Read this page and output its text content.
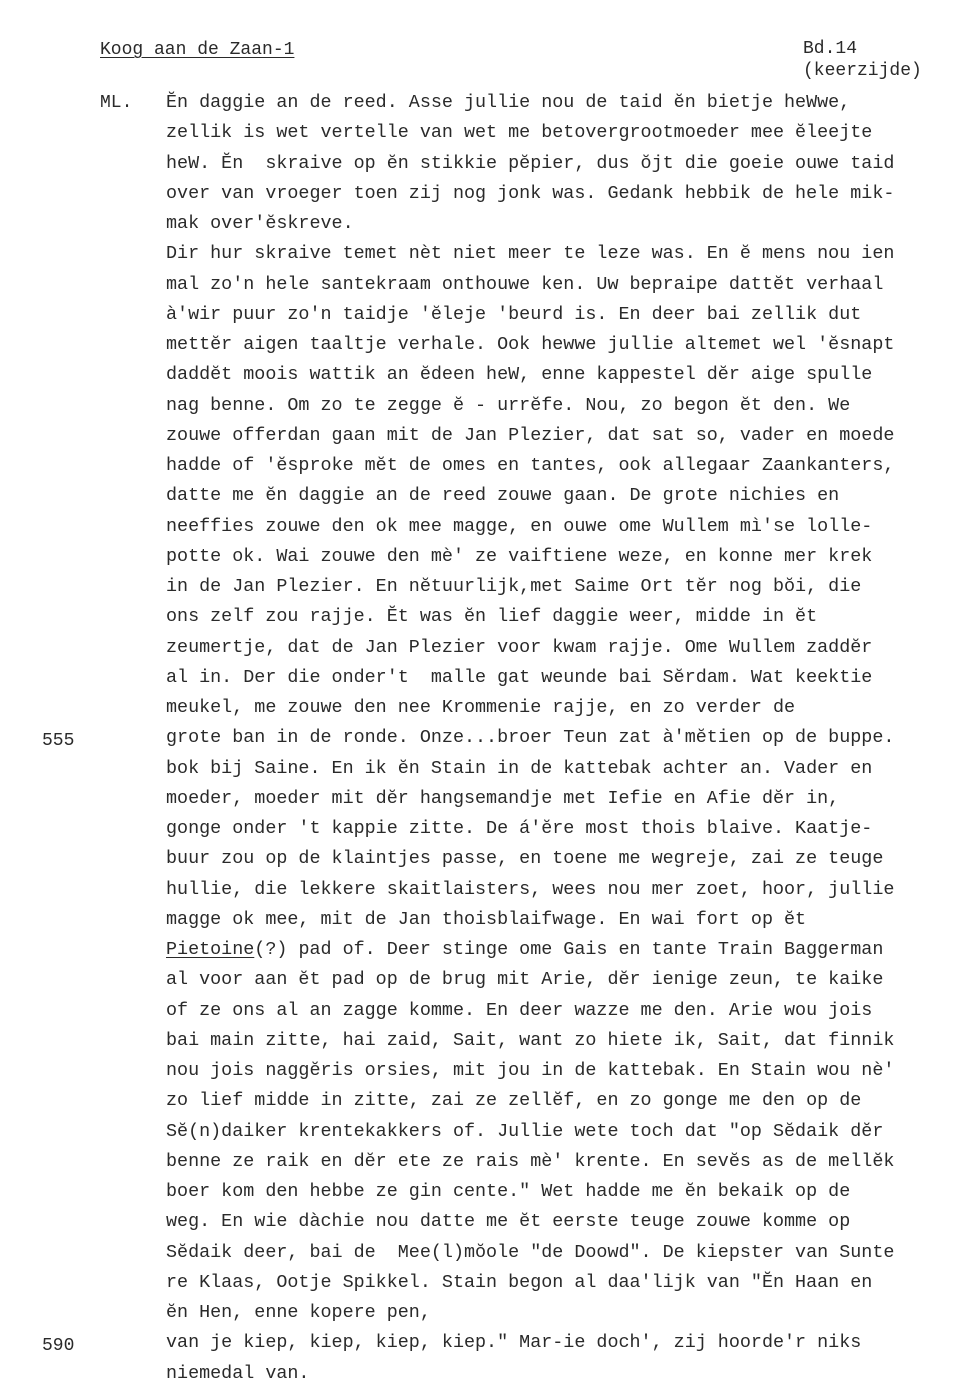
Koog aan de Zaan-1	Bd.14
(keerzijde)
ML.
555
590
Ĕn daggie an de reed. Asse jullie nou de taid ĕn bietje heWwe,
zellik is wet vertelle van wet me betovergrootmoeder mee ĕleejte
heW. Ĕn  skraive op ĕn stikkie pĕpier, dus ŏjt die goeie ouwe taid
over van vroeger toen zij nog jonk was. Gedank hebbik de hele mik-
mak over'ĕskreve.
Dir hur skraive temet nèt niet meer te leze was. En ĕ mens nou ien
mal zo'n hele santekraam onthouwe ken. Uw bepraipe dattĕt verhaal
à'wir puur zo'n taidje 'ĕleje 'beurd is. En deer bai zellik dut
mettĕr aigen taaltje verhale. Ook hewwe jullie altemet wel 'ĕsnapt
daddĕt moois wattik an ĕdeen heW, enne kappestel dĕr aige spulle
nag benne. Om zo te zegge ĕ - urrĕfe. Nou, zo begon ĕt den. We
zouwe offerdan gaan mit de Jan Plezier, dat sat so, vader en moede
hadde of 'ĕsproke mĕt de omes en tantes, ook allegaar Zaankanters,
datte me ĕn daggie an de reed zouwe gaan. De grote nichies en
neeffies zouwe den ok mee magge, en ouwe ome Wullem mì'se lolle-
potte ok. Wai zouwe den mè' ze vaiftiene weze, en konne mer krek
in de Jan Plezier. En nĕtuurlijk,met Saime Ort tĕr nog bŏi, die
ons zelf zou rajje. Ĕt was ĕn lief daggie weer, midde in ĕt
zeumertje, dat de Jan Plezier voor kwam rajje. Ome Wullem zaddĕr
al in. Der die onder't  malle gat weunde bai Sĕrdam. Wat keektie
meukel, me zouwe den nee Krommenie rajje, en zo verder de
grote ban in de ronde. Onze...broer Teun zat à'mĕtien op de buppe.
bok bij Saine. En ik ĕn Stain in de kattebak achter an. Vader en
moeder, moeder mit dĕr hangsemandje met Iefie en Afie dĕr in,
gonge onder 't kappie zitte. De á'ĕre most thois blaive. Kaatje-
buur zou op de klaintjes passe, en toene me wegreje, zai ze teuge
hullie, die lekkere skaitlaisters, wees nou mer zoet, hoor, jullie
magge ok mee, mit de Jan thoisblaifwage. En wai fort op ĕt
Pietoine(?) pad of. Deer stinge ome Gais en tante Train Baggerman
al voor aan ĕt pad op de brug mit Arie, dĕr ienige zeun, te kaike
of ze ons al an zagge komme. En deer wazze me den. Arie wou jois
bai main zitte, hai zaid, Sait, want zo hiete ik, Sait, dat finnik
nou jois naggĕris orsies, mit jou in de kattebak. En Stain wou nè'
zo lief midde in zitte, zai ze zellĕf, en zo gonge me den op de
Sĕ(n)daiker krentekakkers of. Jullie wete toch dat "op Sĕdaik dĕr
benne ze raik en dĕr ete ze rais mè' krente. En sevĕs as de mellĕk
boer kom den hebbe ze gin cente." Wet hadde me ĕn bekaik op de
weg. En wie dàchie nou datte me ĕt eerste teuge zouwe komme op
Sĕdaik deer, bai de  Mee(l)mŏole "de Doowd". De kiepster van Sunte
re Klaas, Ootje Spikkel. Stain begon al daa'lijk van "Ĕn Haan en
ĕn Hen, enne kopere pen,
van je kiep, kiep, kiep, kiep." Mar-ie doch', zij hoorde'r niks
niemedal van.
